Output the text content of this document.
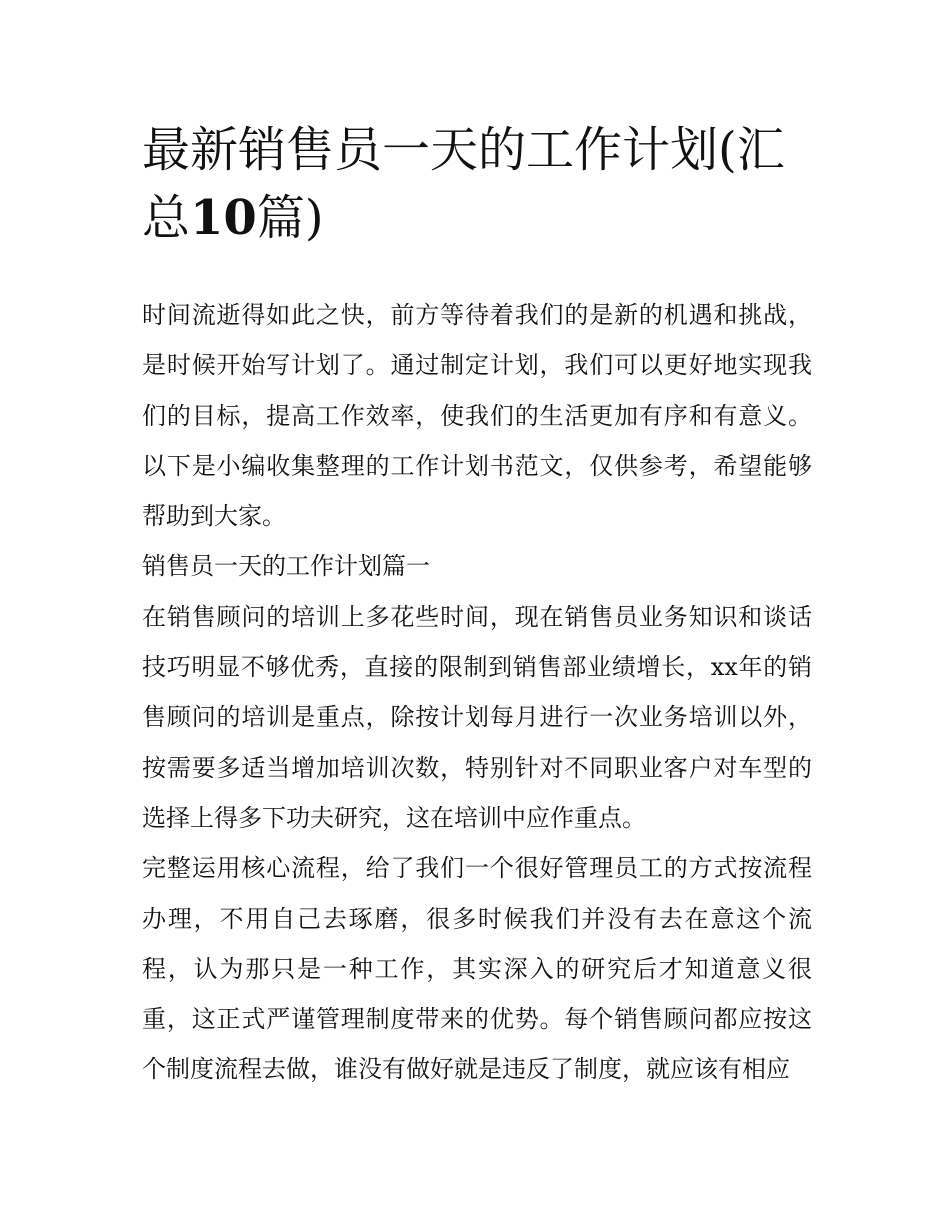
最新销售员一天的工作计划(汇总10篇)

时间流逝得如此之快，前方等待着我们的是新的机遇和挑战，是时候开始写计划了。通过制定计划，我们可以更好地实现我们的目标，提高工作效率，使我们的生活更加有序和有意义。以下是小编收集整理的工作计划书范文，仅供参考，希望能够帮助到大家。

销售员一天的工作计划篇一

在销售顾问的培训上多花些时间，现在销售员业务知识和谈话技巧明显不够优秀，直接的限制到销售部业绩增长，xx年的销售顾问的培训是重点，除按计划每月进行一次业务培训以外，按需要多适当增加培训次数，特别针对不同职业客户对车型的选择上得多下功夫研究，这在培训中应作重点。

完整运用核心流程，给了我们一个很好管理员工的方式按流程办理，不用自己去琢磨，很多时候我们并没有去在意这个流程，认为那只是一种工作，其实深入的研究后才知道意义很重，这正式严谨管理制度带来的优势。每个销售顾问都应按这个制度流程去做，谁没有做好就是违反了制度，就应该有相应
